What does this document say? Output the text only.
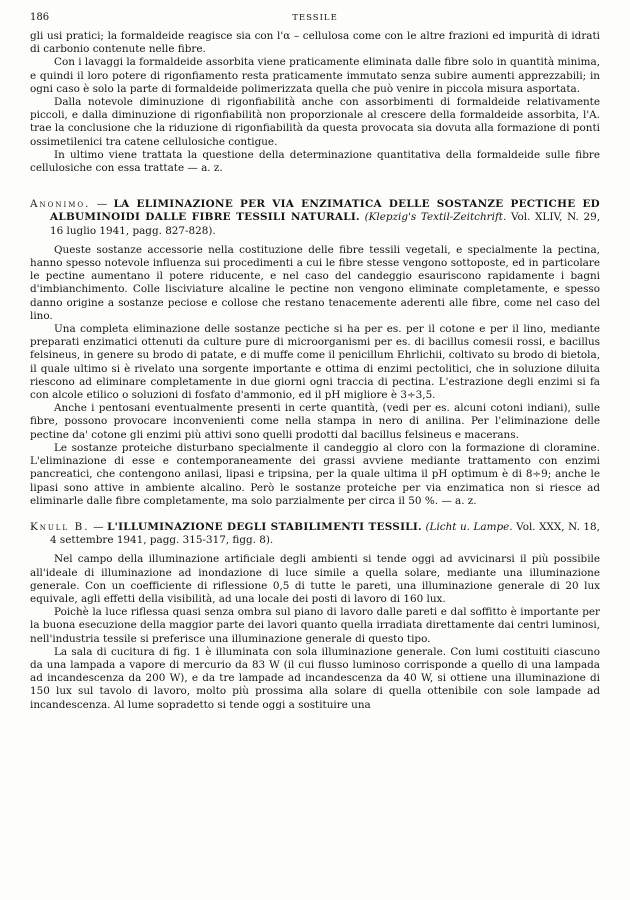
186	TESSILE

gli usi pratici; la formaldeide reagisce sia con l'α – cellulosa come con le altre frazioni ed impurità di idrati di carbonio contenute nelle fibre.

Con i lavaggi la formaldeide assorbita viene praticamente eliminata dalle fibre solo in quantità minima, e quindi il loro potere di rigonfiamento resta praticamente immutato senza subire aumenti apprezzabili; in ogni caso è solo la parte di formaldeide polimerizzata quella che può venire in piccola misura asportata.

Dalla notevole diminuzione di rigonfiabilità anche con assorbimenti di formaldeide relativamente piccoli, e dalla diminuzione di rigonfiabilità non proporzionale al crescere della formaldeide assorbita, l'A. trae la conclusione che la riduzione di rigonfiabilità da questa provocata sia dovuta alla formazione di ponti ossimetilenici tra catene cellulosiche contigue.

In ultimo viene trattata la questione della determinazione quantitativa della formaldeide sulle fibre cellulosiche con essa trattate — a. z.

Anonimo. — LA ELIMINAZIONE PER VIA ENZIMATICA DELLE SOSTANZE PECTICHE ED ALBUMINOIDI DALLE FIBRE TESSILI NATURALI. (Klepzig's Textil-Zeitchrift. Vol. XLIV, N. 29, 16 luglio 1941, pagg. 827-828).

Queste sostanze accessorie nella costituzione delle fibre tessili vegetali, e specialmente la pectina, hanno spesso notevole influenza sui procedimenti a cui le fibre stesse vengono sottoposte, ed in particolare le pectine aumentano il potere riducente, e nel caso del candeggio esauriscono rapidamente i bagni d'imbianchimento. Colle lisciviature alcaline le pectine non vengono eliminate completamente, e spesso danno origine a sostanze peciose e collose che restano tenacemente aderenti alle fibre, come nel caso del lino.

Una completa eliminazione delle sostanze pectiche si ha per es. per il cotone e per il lino, mediante preparati enzimatici ottenuti da culture pure di microorganismi per es. di bacillus comesii rossi, e bacillus felsineus, in genere su brodo di patate, e di muffe come il penicillum Ehrlichii, coltivato su brodo di bietola, il quale ultimo si è rivelato una sorgente importante e ottima di enzimi pectolitici, che in soluzione diluita riescono ad eliminare completamente in due giorni ogni traccia di pectina. L'estrazione degli enzimi si fa con alcole etilico o soluzioni di fosfato d'ammonio, ed il pH migliore è 3÷3,5.

Anche i pentosani eventualmente presenti in certe quantità, (vedi per es. alcuni cotoni indiani), sulle fibre, possono provocare inconvenienti come nella stampa in nero di anilina. Per l'eliminazione delle pectine da' cotone gli enzimi più attivi sono quelli prodotti dal bacillus felsineus e macerans.

Le sostanze proteiche disturbano specialmente il candeggio al cloro con la formazione di cloramine. L'eliminazione di esse e contemporaneamente dei grassi avviene mediante trattamento con enzimi pancreatici, che contengono anilasi, lipasi e tripsina, per la quale ultima il pH optimum è di 8÷9; anche le lipasi sono attive in ambiente alcalino. Però le sostanze proteiche per via enzimatica non si riesce ad eliminarle dalle fibre completamente, ma solo parzialmente per circa il 50 %. — a. z.

Knull B. — L'ILLUMINAZIONE DEGLI STABILIMENTI TESSILI. (Licht u. Lampe. Vol. XXX, N. 18, 4 settembre 1941, pagg. 315-317, figg. 8).

Nel campo della illuminazione artificiale degli ambienti si tende oggi ad avvicinarsi il più possibile all'ideale di illuminazione ad inondazione di luce simile a quella solare, mediante una illuminazione generale. Con un coefficiente di riflessione 0,5 di tutte le pareti, una illuminazione generale di 20 lux equivale, agli effetti della visibilità, ad una locale dei posti di lavoro di 160 lux.

Poichè la luce riflessa quasi senza ombra sul piano di lavoro dalle pareti e dal soffitto è importante per la buona esecuzione della maggior parte dei lavori quanto quella irradiata direttamente dai centri luminosi, nell'industria tessile si preferisce una illuminazione generale di questo tipo.

La sala di cucitura di fig. 1 è illuminata con sola illuminazione generale. Con lumi costituiti ciascuno da una lampada a vapore di mercurio da 83 W (il cui flusso luminoso corrisponde a quello di una lampada ad incandescenza da 200 W), e da tre lampade ad incandescenza da 40 W, si ottiene una illuminazione di 150 lux sul tavolo di lavoro, molto più prossima alla solare di quella ottenibile con sole lampade ad incandescenza. Al lume sopradetto si tende oggi a sostituire una
